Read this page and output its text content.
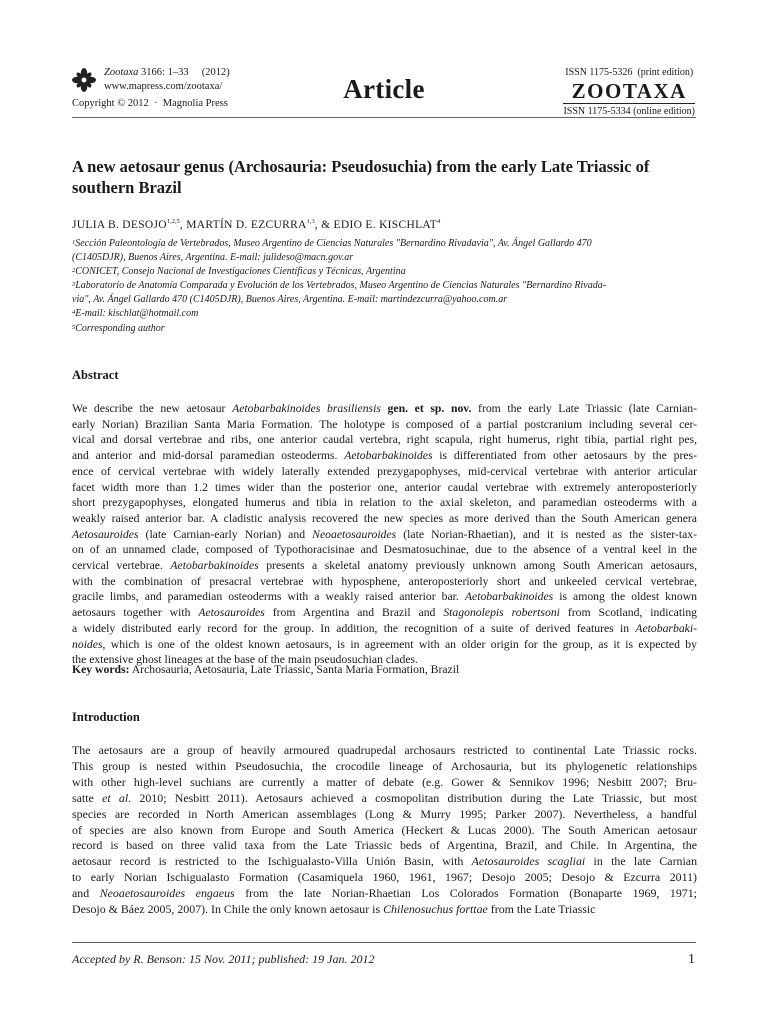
Zootaxa 3166: 1–33     (2012)
www.mapress.com/zootaxa/
Copyright © 2012  ·  Magnolia Press	Article
ISSN 1175-5326  (print edition)
ZOOTAXA
ISSN 1175-5334 (online edition)
A new aetosaur genus (Archosauria: Pseudosuchia) from the early Late Triassic of southern Brazil
JULIA B. DESOJO$^{1,2,5}$, MARTÍN D. EZCURRA$^{1,3}$, & EDIO E. KISCHLAT$^4$
$^1$Sección Paleontología de Vertebrados, Museo Argentino de Ciencias Naturales "Bernardino Rivadavia", Av. Ángel Gallardo 470
(C1405DJR), Buenos Aires, Argentina. E-mail: julideso@macn.gov.ar
$^2$CONICET, Consejo Nacional de Investigaciones Científicas y Técnicas, Argentina
$^3$Laboratorio de Anatomía Comparada y Evolución de los Vertebrados, Museo Argentino de Ciencias Naturales "Bernardino Rivada-
via", Av. Ángel Gallardo 470 (C1405DJR), Buenos Aires, Argentina. E-mail: martindezcurra@yahoo.com.ar
$^4$E-mail: kischlat@hotmail.com
$^5$Corresponding author
Abstract
We describe the new aetosaur Aetobarbakinoides brasiliensis gen. et sp. nov. from the early Late Triassic (late Carnian-
early Norian) Brazilian Santa Maria Formation. The holotype is composed of a partial postcranium including several cer-
vical and dorsal vertebrae and ribs, one anterior caudal vertebra, right scapula, right humerus, right tibia, partial right pes,
and anterior and mid-dorsal paramedian osteoderms. Aetobarbakinoides is differentiated from other aetosaurs by the pres-
ence of cervical vertebrae with widely laterally extended prezygapophyses, mid-cervical vertebrae with anterior articular
facet width more than 1.2 times wider than the posterior one, anterior caudal vertebrae with extremely anteroposteriorly
short prezygapophyses, elongated humerus and tibia in relation to the axial skeleton, and paramedian osteoderms with a
weakly raised anterior bar. A cladistic analysis recovered the new species as more derived than the South American genera
Aetosauroides (late Carnian-early Norian) and Neoaetosauroides (late Norian-Rhaetian), and it is nested as the sister-tax-
on of an unnamed clade, composed of Typothoracisinae and Desmatosuchinae, due to the absence of a ventral keel in the
cervical vertebrae. Aetobarbakinoides presents a skeletal anatomy previously unknown among South American aetosaurs,
with the combination of presacral vertebrae with hyposphene, anteroposteriorly short and unkeeled cervical vertebrae,
gracile limbs, and paramedian osteoderms with a weakly raised anterior bar. Aetobarbakinoides is among the oldest known
aetosaurs together with Aetosauroides from Argentina and Brazil and Stagonolepis robertsoni from Scotland, indicating
a widely distributed early record for the group. In addition, the recognition of a suite of derived features in Aetobarbaki-
noides, which is one of the oldest known aetosaurs, is in agreement with an older origin for the group, as it is expected by
the extensive ghost lineages at the base of the main pseudosuchian clades.
Key words: Archosauria, Aetosauria, Late Triassic, Santa Maria Formation, Brazil
Introduction
The aetosaurs are a group of heavily armoured quadrupedal archosaurs restricted to continental Late Triassic rocks.
This group is nested within Pseudosuchia, the crocodile lineage of Archosauria, but its phylogenetic relationships
with other high-level suchians are currently a matter of debate (e.g. Gower & Sennikov 1996; Nesbitt 2007; Bru-
satte et al. 2010; Nesbitt 2011). Aetosaurs achieved a cosmopolitan distribution during the Late Triassic, but most
species are recorded in North American assemblages (Long & Murry 1995; Parker 2007). Nevertheless, a handful
of species are also known from Europe and South America (Heckert & Lucas 2000). The South American aetosaur
record is based on three valid taxa from the Late Triassic beds of Argentina, Brazil, and Chile. In Argentina, the
aetosaur record is restricted to the Ischigualasto-Villa Unión Basin, with Aetosauroides scagliai in the late Carnian
to early Norian Ischigualasto Formation (Casamiquela 1960, 1961, 1967; Desojo 2005; Desojo & Ezcurra 2011)
and Neoaetosauroides engaeus from the late Norian-Rhaetian Los Colorados Formation (Bonaparte 1969, 1971;
Desojo & Báez 2005, 2007). In Chile the only known aetosaur is Chilenosuchus forttae from the Late Triassic
Accepted by R. Benson: 15 Nov. 2011; published: 19 Jan. 2012	1
